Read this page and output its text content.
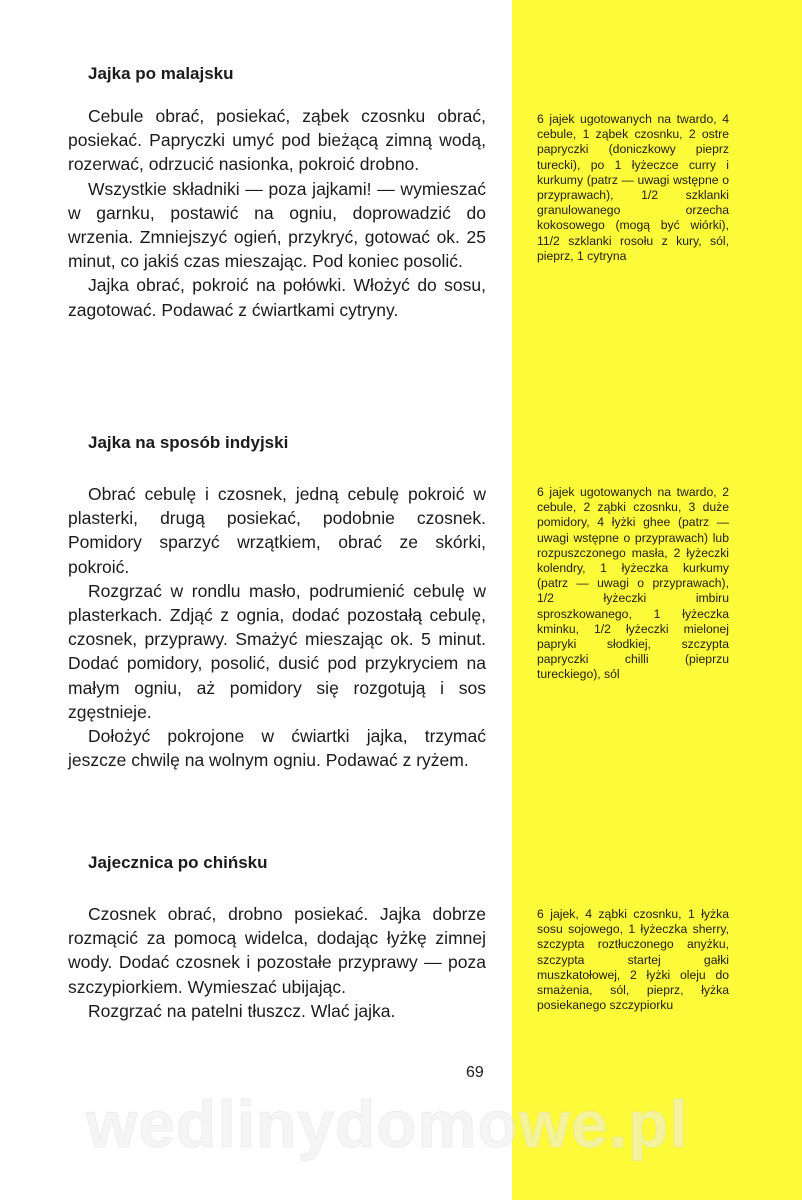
Jajka po malajsku

Cebule obrać, posiekać, ząbek czosnku obrać, posiekać. Papryczki umyć pod bieżącą zimną wodą, rozerwać, odrzucić nasionka, pokroić drobno.

Wszystkie składniki — poza jajkami! — wymieszać w garnku, postawić na ogniu, doprowadzić do wrzenia. Zmniejszyć ogień, przykryć, gotować ok. 25 minut, co jakiś czas mieszając. Pod koniec posolić.

Jajka obrać, pokroić na połówki. Włożyć do sosu, zagotować. Podawać z ćwiartkami cytryny.

6 jajek ugotowanych na twardo, 4 cebule, 1 ząbek czosnku, 2 ostre papryczki (doniczkowy pieprz turecki), po 1 łyżeczce curry i kurkumy (patrz — uwagi wstępne o przyprawach), 1/2 szklanki granulowanego orzecha kokosowego (mogą być wiórki), 11/2 szklanki rosołu z kury, sól, pieprz, 1 cytryna

Jajka na sposób indyjski

Obrać cebulę i czosnek, jedną cebulę pokroić w plasterki, drugą posiekać, podobnie czosnek. Pomidory sparzyć wrzątkiem, obrać ze skórki, pokroić.

Rozgrzać w rondlu masło, podrumienić cebulę w plasterkach. Zdjąć z ognia, dodać pozostałą cebulę, czosnek, przyprawy. Smażyć mieszając ok. 5 minut. Dodać pomidory, posolić, dusić pod przykryciem na małym ogniu, aż pomidory się rozgotują i sos zgęstnieje.

Dołożyć pokrojone w ćwiartki jajka, trzymać jeszcze chwilę na wolnym ogniu. Podawać z ryżem.

6 jajek ugotowanych na twardo, 2 cebule, 2 ząbki czosnku, 3 duże pomidory, 4 łyżki ghee (patrz — uwagi wstępne o przyprawach) lub rozpuszczonego masła, 2 łyżeczki kolendry, 1 łyżeczka kurkumy (patrz — uwagi o przyprawach), 1/2 łyżeczki imbiru sproszkowanego, 1 łyżeczka kminku, 1/2 łyżeczki mielonej papryki słodkiej, szczypta papryczki chilli (pieprzu tureckiego), sól

Jajecznica po chińsku

Czosnek obrać, drobno posiekać. Jajka dobrze rozmącić za pomocą widelca, dodając łyżkę zimnej wody. Dodać czosnek i pozostałe przyprawy — poza szczypiorkiem. Wymieszać ubijając.

Rozgrzać na patelni tłuszcz. Wlać jajka.

6 jajek, 4 ząbki czosnku, 1 łyżka sosu sojowego, 1 łyżeczka sherry, szczypta roztłuczonego anyżku, szczypta startej gałki muszkatołowej, 2 łyżki oleju do smażenia, sól, pieprz, łyżka posiekanego szczypiorku

69

wedlinydomowe.pl
